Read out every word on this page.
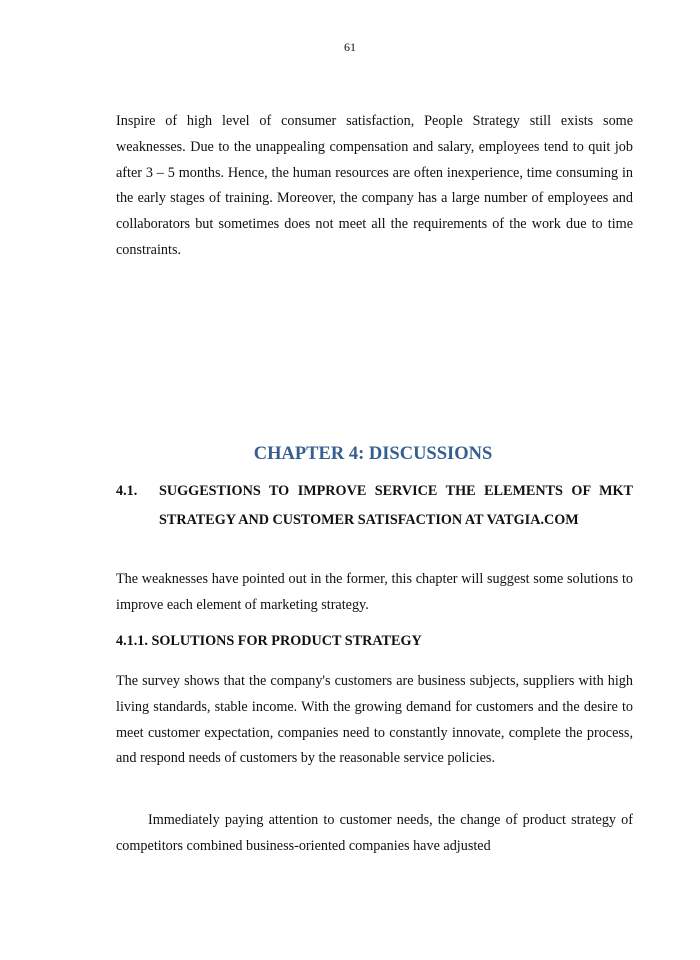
61

Inspire of high level of consumer satisfaction, People Strategy still exists some weaknesses. Due to the unappealing compensation and salary, employees tend to quit job after 3 – 5 months. Hence, the human resources are often inexperience, time consuming in the early stages of training. Moreover, the company has a large number of employees and collaborators but sometimes does not meet all the requirements of the work due to time constraints.

CHAPTER 4: DISCUSSIONS
4.1. SUGGESTIONS TO IMPROVE SERVICE THE ELEMENTS OF MKT STRATEGY AND CUSTOMER SATISFACTION AT VATGIA.COM

The weaknesses have pointed out in the former, this chapter will suggest some solutions to improve each element of marketing strategy.

4.1.1. SOLUTIONS FOR PRODUCT STRATEGY

The survey shows that the company's customers are business subjects, suppliers with high living standards, stable income. With the growing demand for customers and the desire to meet customer expectation, companies need to constantly innovate, complete the process, and respond needs of customers by the reasonable service policies.

Immediately paying attention to customer needs, the change of product strategy of competitors combined business-oriented companies have adjusted
